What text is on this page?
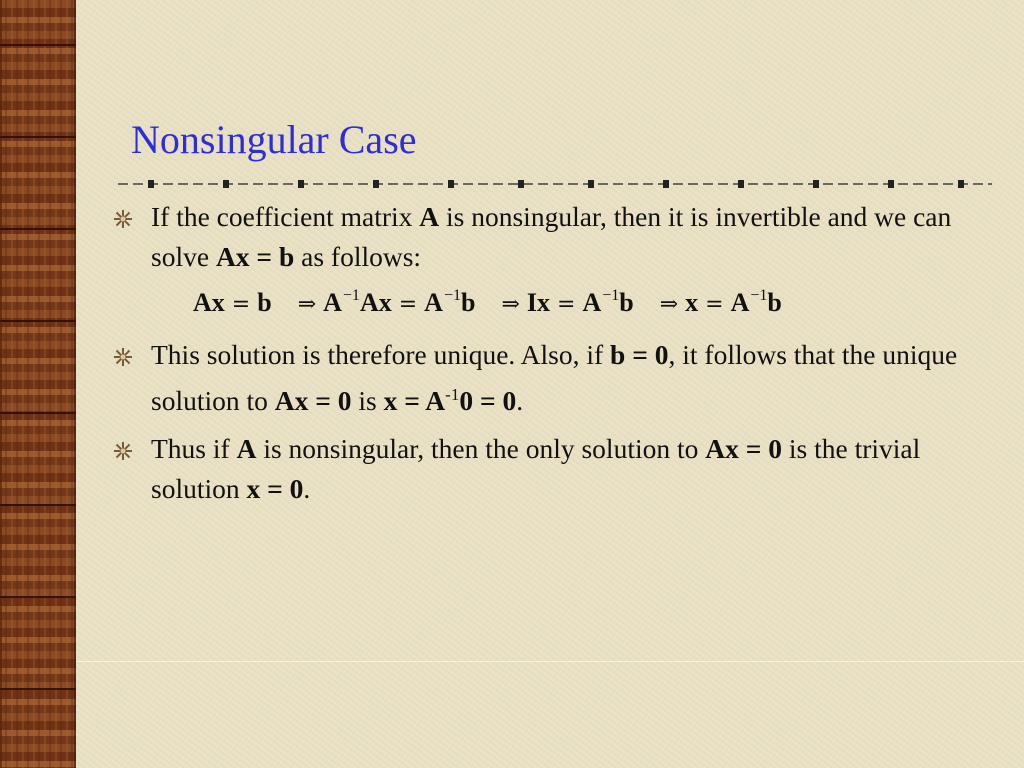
Nonsingular Case
If the coefficient matrix A is nonsingular, then it is invertible and we can solve Ax = b as follows:
This solution is therefore unique. Also, if b = 0, it follows that the unique solution to Ax = 0 is $x = A^{-1}0 = 0$.
Thus if A is nonsingular, then the only solution to Ax = 0 is the trivial solution x = 0.
Ax = b ⇒ $A^{-1}Ax = A^{-1}b$ ⇒ $Ix = A^{-1}b$ ⇒ $x = A^{-1}b$
